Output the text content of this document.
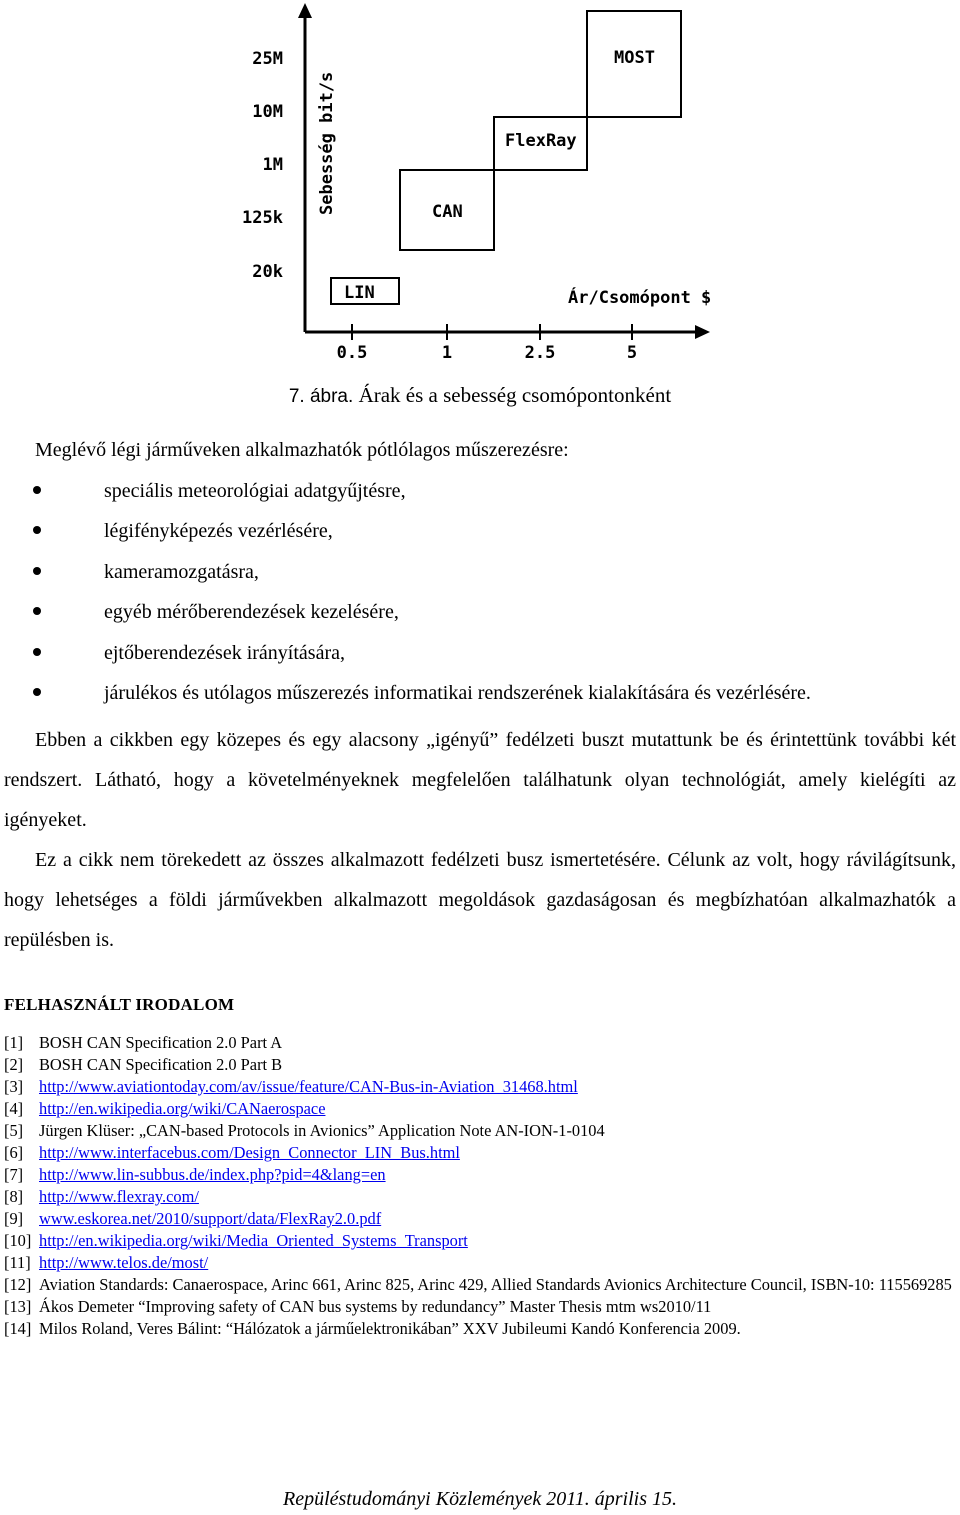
25M
10M
1M
125k
20k
Sebesség bit/s
0.5	1	2.5	5
Ár/Csomópont $
LIN
CAN
FlexRay
MOST
7. ábra. Árak és a sebesség csomópontonként
Meglévő légi járműveken alkalmazhatók pótlólagos műszerezésre:
speciális meteorológiai adatgyűjtésre,
légifényképezés vezérlésére,
kameramozgatásra,
egyéb mérőberendezések kezelésére,
ejtőberendezések irányítására,
járulékos és utólagos műszerezés informatikai rendszerének kialakítására és vezérlésére.

Ebben a cikkben egy közepes és egy alacsony „igényű” fedélzeti buszt mutattunk be és érintettünk további két rendszert. Látható, hogy a követelményeknek megfelelően találhatunk olyan technológiát, amely kielégíti az igényeket.

Ez a cikk nem törekedett az összes alkalmazott fedélzeti busz ismertetésére. Célunk az volt, hogy rávilágítsunk, hogy lehetséges a földi járművekben alkalmazott megoldások gazdaságosan és megbízhatóan alkalmazhatók a repülésben is.

FELHASZNÁLT IRODALOM
[1] BOSH CAN Specification 2.0 Part A
[2] BOSH CAN Specification 2.0 Part B
[3] http://www.aviationtoday.com/av/issue/feature/CAN-Bus-in-Aviation_31468.html
[4] http://en.wikipedia.org/wiki/CANaerospace
[5] Jürgen Klüser: „CAN-based Protocols in Avionics” Application Note AN-ION-1-0104
[6] http://www.interfacebus.com/Design_Connector_LIN_Bus.html
[7] http://www.lin-subbus.de/index.php?pid=4&lang=en
[8] http://www.flexray.com/
[9] www.eskorea.net/2010/support/data/FlexRay2.0.pdf
[10] http://en.wikipedia.org/wiki/Media_Oriented_Systems_Transport
[11] http://www.telos.de/most/
[12] Aviation Standards: Canaerospace, Arinc 661, Arinc 825, Arinc 429, Allied Standards Avionics Architecture Council, ISBN-10: 115569285
[13] Ákos Demeter “Improving safety of CAN bus systems by redundancy” Master Thesis mtm ws2010/11
[14] Milos Roland, Veres Bálint: “Hálózatok a járműelektronikában” XXV Jubileumi Kandó Konferencia 2009.
Repüléstudományi Közlemények 2011. április 15.
